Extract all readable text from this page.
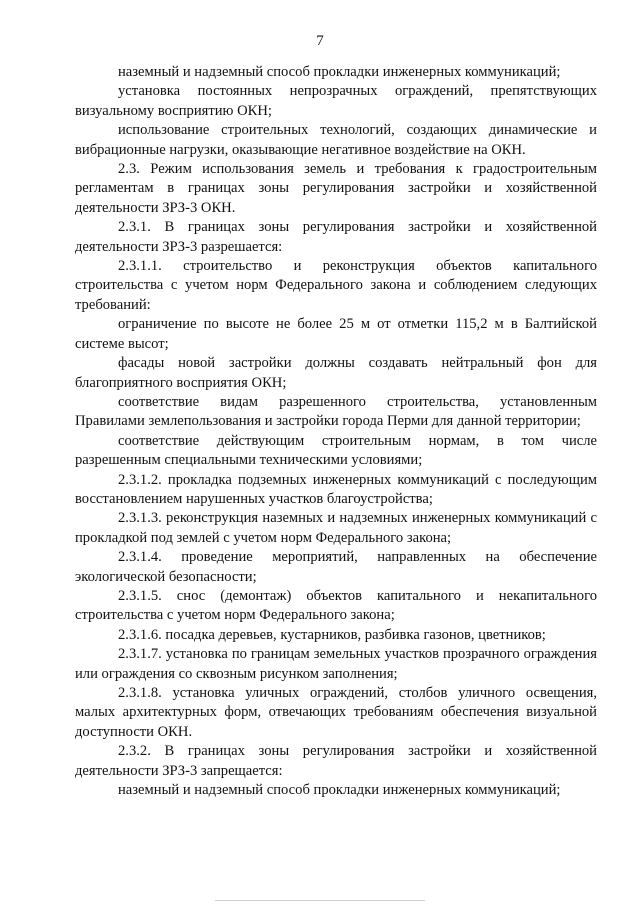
7

наземный и надземный способ прокладки инженерных коммуникаций;

установка постоянных непрозрачных ограждений, препятствующих визуальному восприятию ОКН;

использование строительных технологий, создающих динамические и вибрационные нагрузки, оказывающие негативное воздействие на ОКН.

2.3. Режим использования земель и требования к градостроительным регламентам в границах зоны регулирования застройки и хозяйственной деятельности ЗРЗ-3 ОКН.

2.3.1. В границах зоны регулирования застройки и хозяйственной деятельности ЗРЗ-3 разрешается:

2.3.1.1. строительство и реконструкция объектов капитального строительства с учетом норм Федерального закона и соблюдением следующих требований:

ограничение по высоте не более 25 м от отметки 115,2 м в Балтийской системе высот;

фасады новой застройки должны создавать нейтральный фон для благоприятного восприятия ОКН;

соответствие видам разрешенного строительства, установленным Правилами землепользования и застройки города Перми для данной территории;

соответствие действующим строительным нормам, в том числе разрешенным специальными техническими условиями;

2.3.1.2. прокладка подземных инженерных коммуникаций с последующим восстановлением нарушенных участков благоустройства;

2.3.1.3. реконструкция наземных и надземных инженерных коммуникаций с прокладкой под землей с учетом норм Федерального закона;

2.3.1.4. проведение мероприятий, направленных на обеспечение экологической безопасности;

2.3.1.5. снос (демонтаж) объектов капитального и некапитального строительства с учетом норм Федерального закона;

2.3.1.6. посадка деревьев, кустарников, разбивка газонов, цветников;

2.3.1.7. установка по границам земельных участков прозрачного ограждения или ограждения со сквозным рисунком заполнения;

2.3.1.8. установка уличных ограждений, столбов уличного освещения, малых архитектурных форм, отвечающих требованиям обеспечения визуальной доступности ОКН.

2.3.2. В границах зоны регулирования застройки и хозяйственной деятельности ЗРЗ-3 запрещается:

наземный и надземный способ прокладки инженерных коммуникаций;
